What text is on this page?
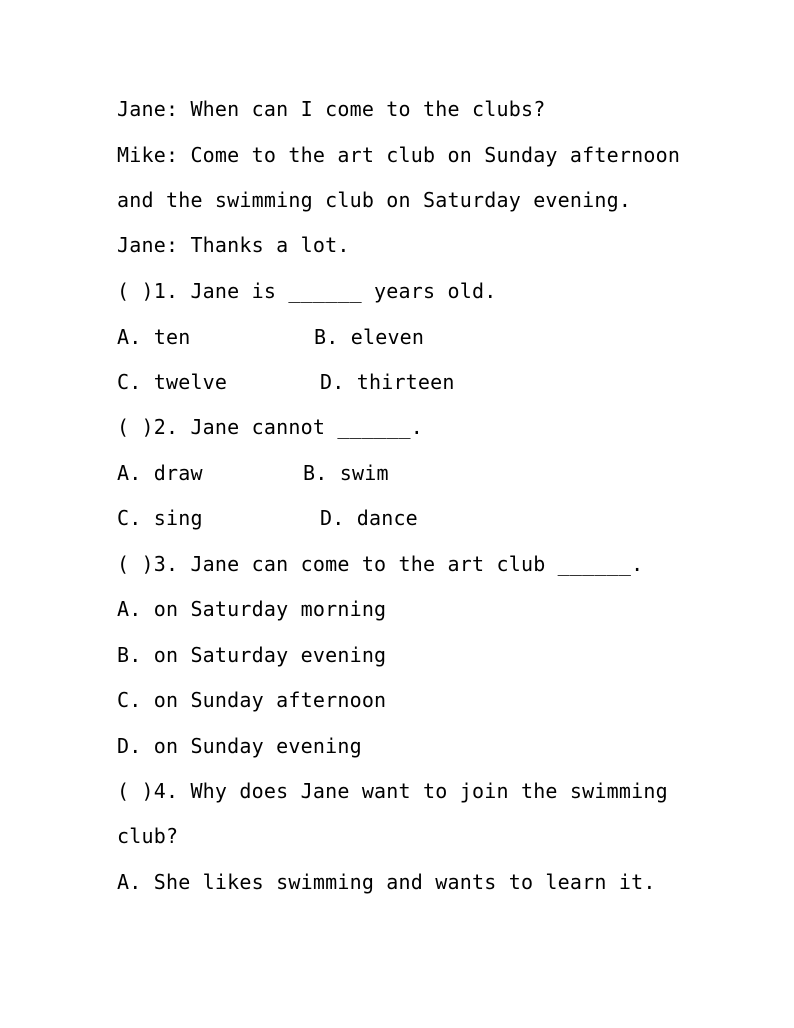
Jane: When can I come to the clubs?
Mike: Come to the art club on Sunday afternoon
and the swimming club on Saturday evening.
Jane: Thanks a lot.
( )1. Jane is ______ years old.
A. ten	B. eleven
C. twelve	D. thirteen
( )2. Jane cannot ______.
A. draw	B. swim
C. sing	D. dance
( )3. Jane can come to the art club ______.
A. on Saturday morning
B. on Saturday evening
C. on Sunday afternoon
D. on Sunday evening
( )4. Why does Jane want to join the swimming
club?
A. She likes swimming and wants to learn it.
